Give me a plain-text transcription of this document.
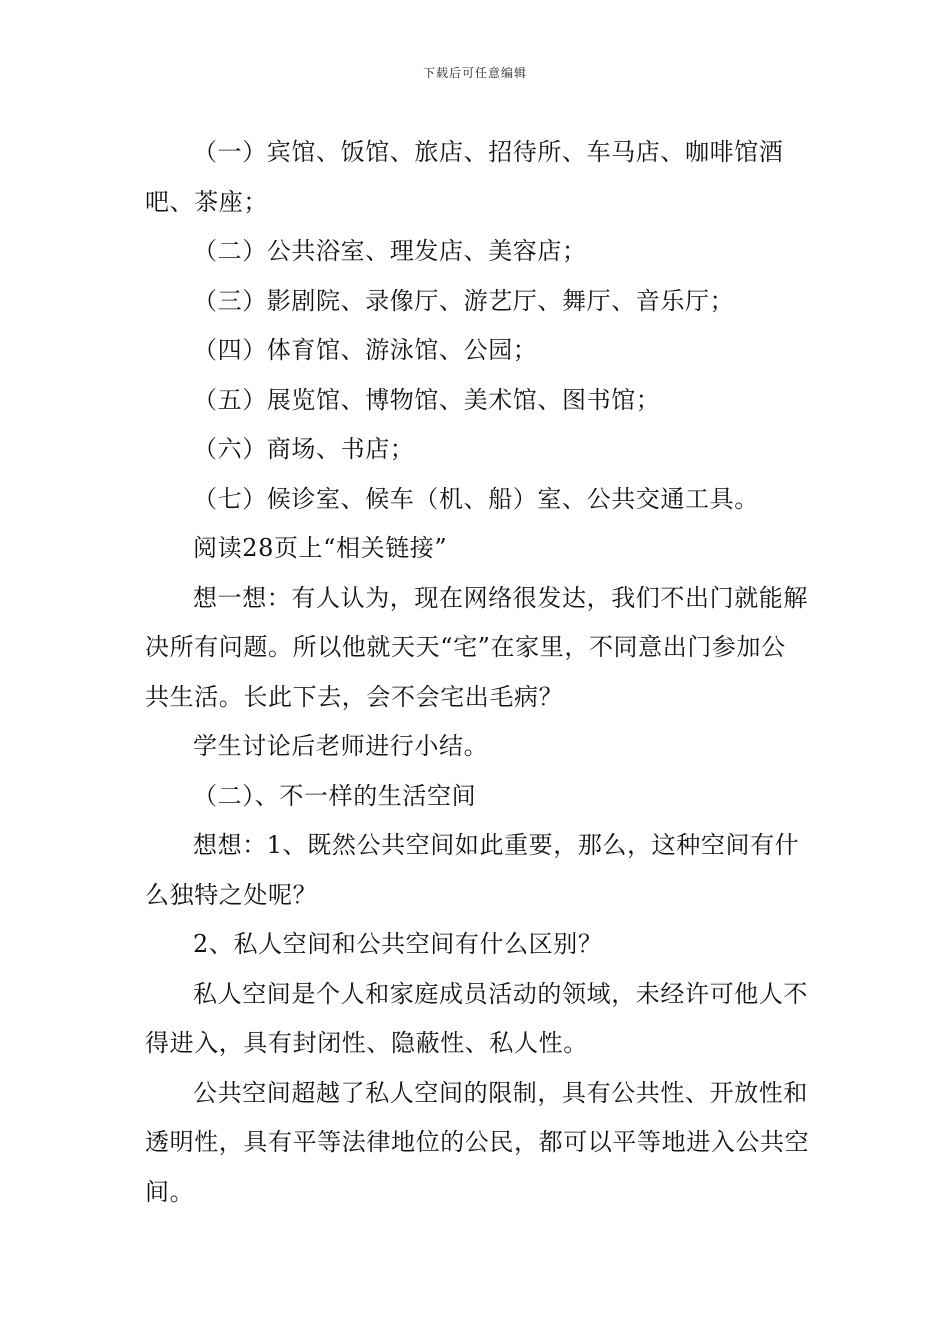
下载后可任意编辑

（一）宾馆、饭馆、旅店、招待所、车马店、咖啡馆酒吧、茶座；

（二）公共浴室、理发店、美容店；

（三）影剧院、录像厅、游艺厅、舞厅、音乐厅；

（四）体育馆、游泳馆、公园；

（五）展览馆、博物馆、美术馆、图书馆；

（六）商场、书店；

（七）候诊室、候车（机、船）室、公共交通工具。

阅读28页上“相关链接”

想一想：有人认为，现在网络很发达，我们不出门就能解决所有问题。所以他就天天“宅”在家里，不同意出门参加公共生活。长此下去，会不会宅出毛病？

学生讨论后老师进行小结。

（二）、不一样的生活空间

想想：1、既然公共空间如此重要，那么，这种空间有什么独特之处呢？

2、私人空间和公共空间有什么区别？

私人空间是个人和家庭成员活动的领域，未经许可他人不得进入，具有封闭性、隐蔽性、私人性。

公共空间超越了私人空间的限制，具有公共性、开放性和透明性，具有平等法律地位的公民，都可以平等地进入公共空间。
